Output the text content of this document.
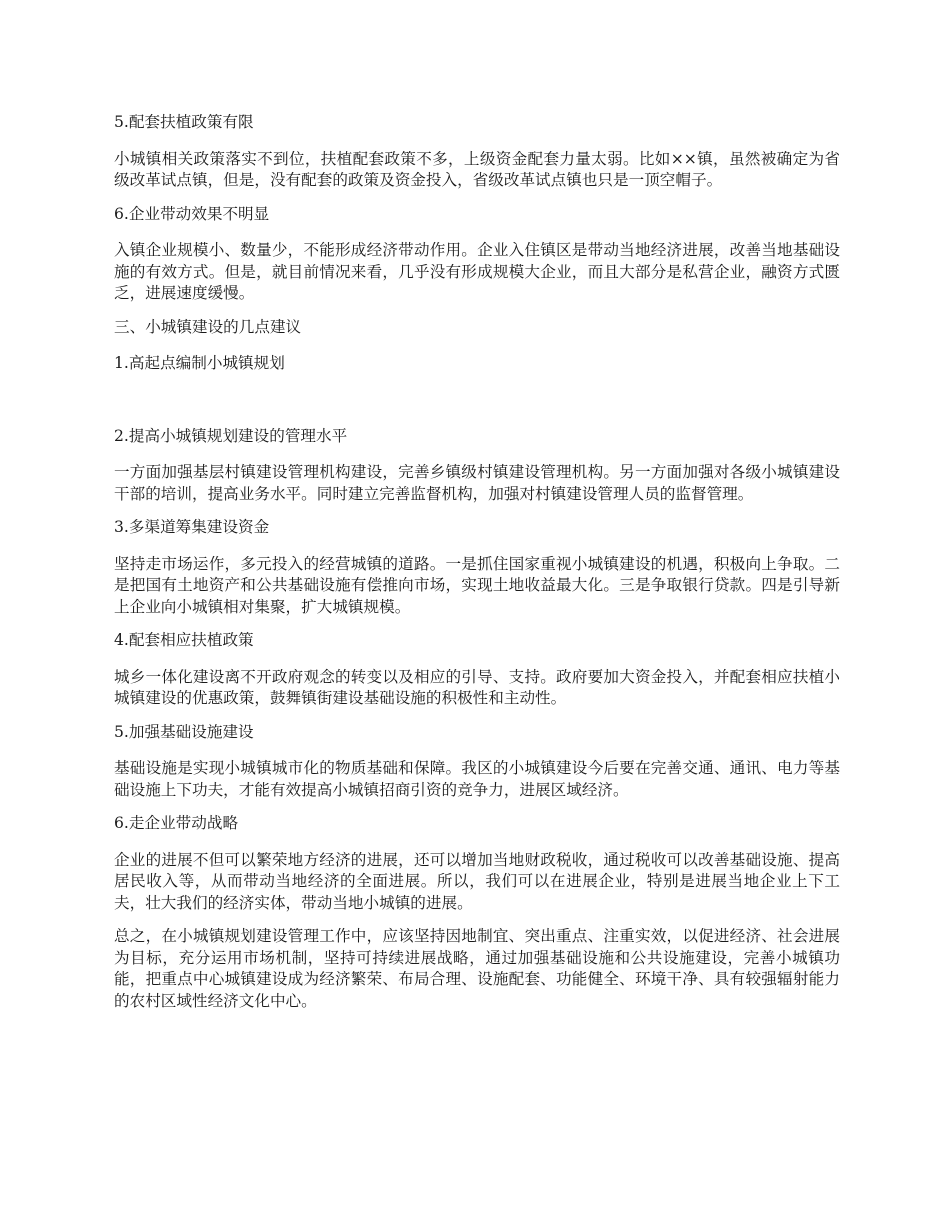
5.配套扶植政策有限

小城镇相关政策落实不到位，扶植配套政策不多，上级资金配套力量太弱。比如××镇，虽然被确定为省级改革试点镇，但是，没有配套的政策及资金投入，省级改革试点镇也只是一顶空帽子。

6.企业带动效果不明显

入镇企业规模小、数量少，不能形成经济带动作用。企业入住镇区是带动当地经济进展，改善当地基础设施的有效方式。但是，就目前情况来看，几乎没有形成规模大企业，而且大部分是私营企业，融资方式匮乏，进展速度缓慢。

三、小城镇建设的几点建议

1.高起点编制小城镇规划

2.提高小城镇规划建设的管理水平

一方面加强基层村镇建设管理机构建设，完善乡镇级村镇建设管理机构。另一方面加强对各级小城镇建设干部的培训，提高业务水平。同时建立完善监督机构，加强对村镇建设管理人员的监督管理。

3.多渠道筹集建设资金

坚持走市场运作，多元投入的经营城镇的道路。一是抓住国家重视小城镇建设的机遇，积极向上争取。二是把国有土地资产和公共基础设施有偿推向市场，实现土地收益最大化。三是争取银行贷款。四是引导新上企业向小城镇相对集聚，扩大城镇规模。

4.配套相应扶植政策

城乡一体化建设离不开政府观念的转变以及相应的引导、支持。政府要加大资金投入，并配套相应扶植小城镇建设的优惠政策，鼓舞镇街建设基础设施的积极性和主动性。

5.加强基础设施建设

基础设施是实现小城镇城市化的物质基础和保障。我区的小城镇建设今后要在完善交通、通讯、电力等基础设施上下功夫，才能有效提高小城镇招商引资的竞争力，进展区域经济。

6.走企业带动战略

企业的进展不但可以繁荣地方经济的进展，还可以增加当地财政税收，通过税收可以改善基础设施、提高居民收入等，从而带动当地经济的全面进展。所以，我们可以在进展企业，特别是进展当地企业上下工夫，壮大我们的经济实体，带动当地小城镇的进展。

总之，在小城镇规划建设管理工作中，应该坚持因地制宜、突出重点、注重实效，以促进经济、社会进展为目标，充分运用市场机制，坚持可持续进展战略，通过加强基础设施和公共设施建设，完善小城镇功能，把重点中心城镇建设成为经济繁荣、布局合理、设施配套、功能健全、环境干净、具有较强辐射能力的农村区域性经济文化中心。
